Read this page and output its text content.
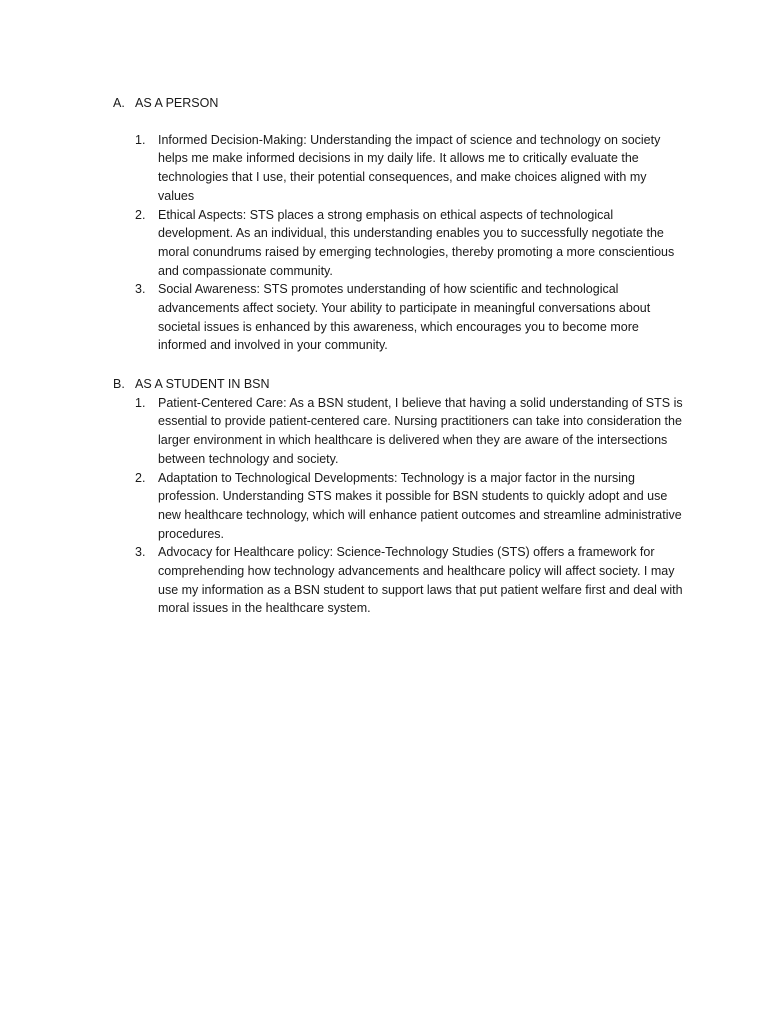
A. AS A PERSON
1.	Informed Decision-Making: Understanding the impact of science and technology on society helps me make informed decisions in my daily life. It allows me to critically evaluate the technologies that I use, their potential consequences, and make choices aligned with my values
2.	Ethical Aspects: STS places a strong emphasis on ethical aspects of technological development. As an individual, this understanding enables you to successfully negotiate the moral conundrums raised by emerging technologies, thereby promoting a more conscientious and compassionate community.
3.	Social Awareness: STS promotes understanding of how scientific and technological advancements affect society. Your ability to participate in meaningful conversations about societal issues is enhanced by this awareness, which encourages you to become more informed and involved in your community.
B. AS A STUDENT IN BSN
1.	Patient-Centered Care: As a BSN student, I believe that having a solid understanding of STS is essential to provide patient-centered care. Nursing practitioners can take into consideration the larger environment in which healthcare is delivered when they are aware of the intersections between technology and society.
2.	Adaptation to Technological Developments: Technology is a major factor in the nursing profession. Understanding STS makes it possible for BSN students to quickly adopt and use new healthcare technology, which will enhance patient outcomes and streamline administrative procedures.
3.	Advocacy for Healthcare policy: Science-Technology Studies (STS) offers a framework for comprehending how technology advancements and healthcare policy will affect society. I may use my information as a BSN student to support laws that put patient welfare first and deal with moral issues in the healthcare system.
